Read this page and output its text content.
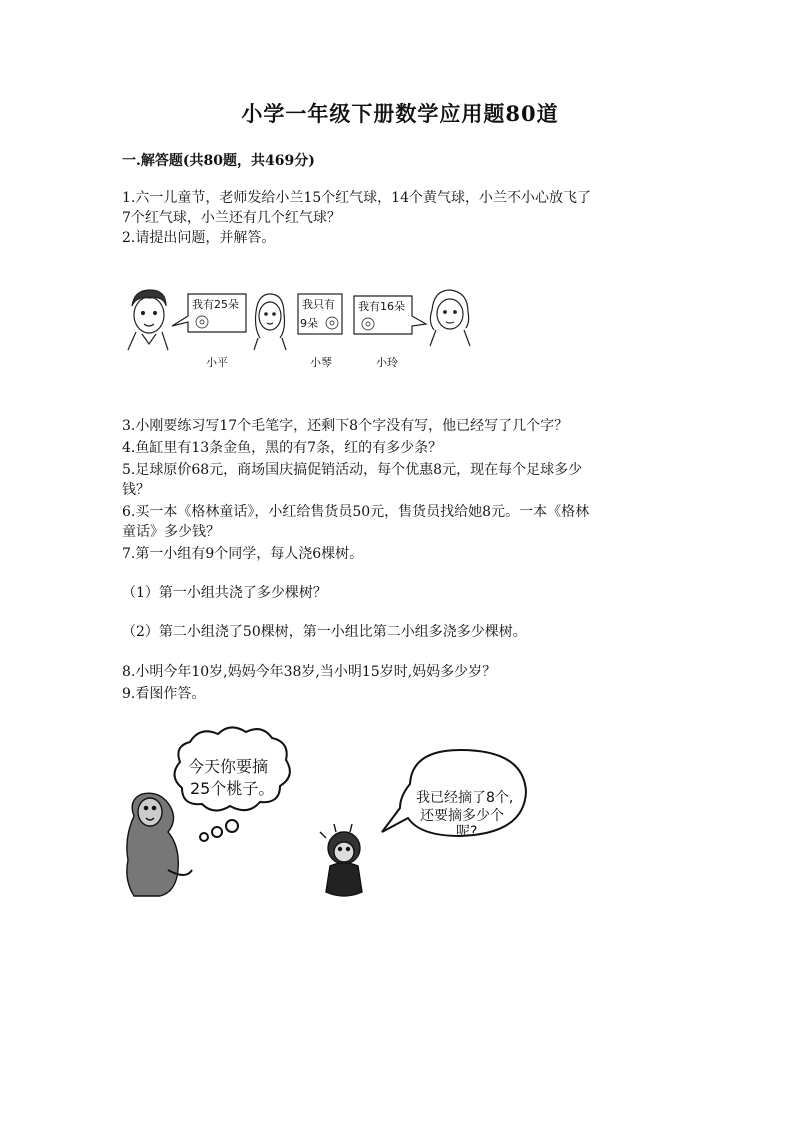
小学一年级下册数学应用题80道
一.解答题(共80题，共469分)
1.六一儿童节，老师发给小兰15个红气球，14个黄气球，小兰不小心放飞了
7个红气球，小兰还有几个红气球？
2.请提出问题，并解答。
我有25朵	我只有
9朵
我有16朵
小平	小琴	小玲
3.小刚要练习写17个毛笔字，还剩下8个字没有写，他已经写了几个字？
4.鱼缸里有13条金鱼，黑的有7条，红的有多少条？
5.足球原价68元，商场国庆搞促销活动，每个优惠8元，现在每个足球多少
钱？
6.买一本《格林童话》，小红给售货员50元，售货员找给她8元。一本《格林
童话》多少钱？
7.第一小组有9个同学，每人浇6棵树。
（1）第一小组共浇了多少棵树？
（2）第二小组浇了50棵树，第一小组比第二小组多浇多少棵树。
8.小明今年10岁,妈妈今年38岁,当小明15岁时,妈妈多少岁？
9.看图作答。
今天你要摘
25个桃子。	我已经摘了8个,
还要摘多少个
呢?
